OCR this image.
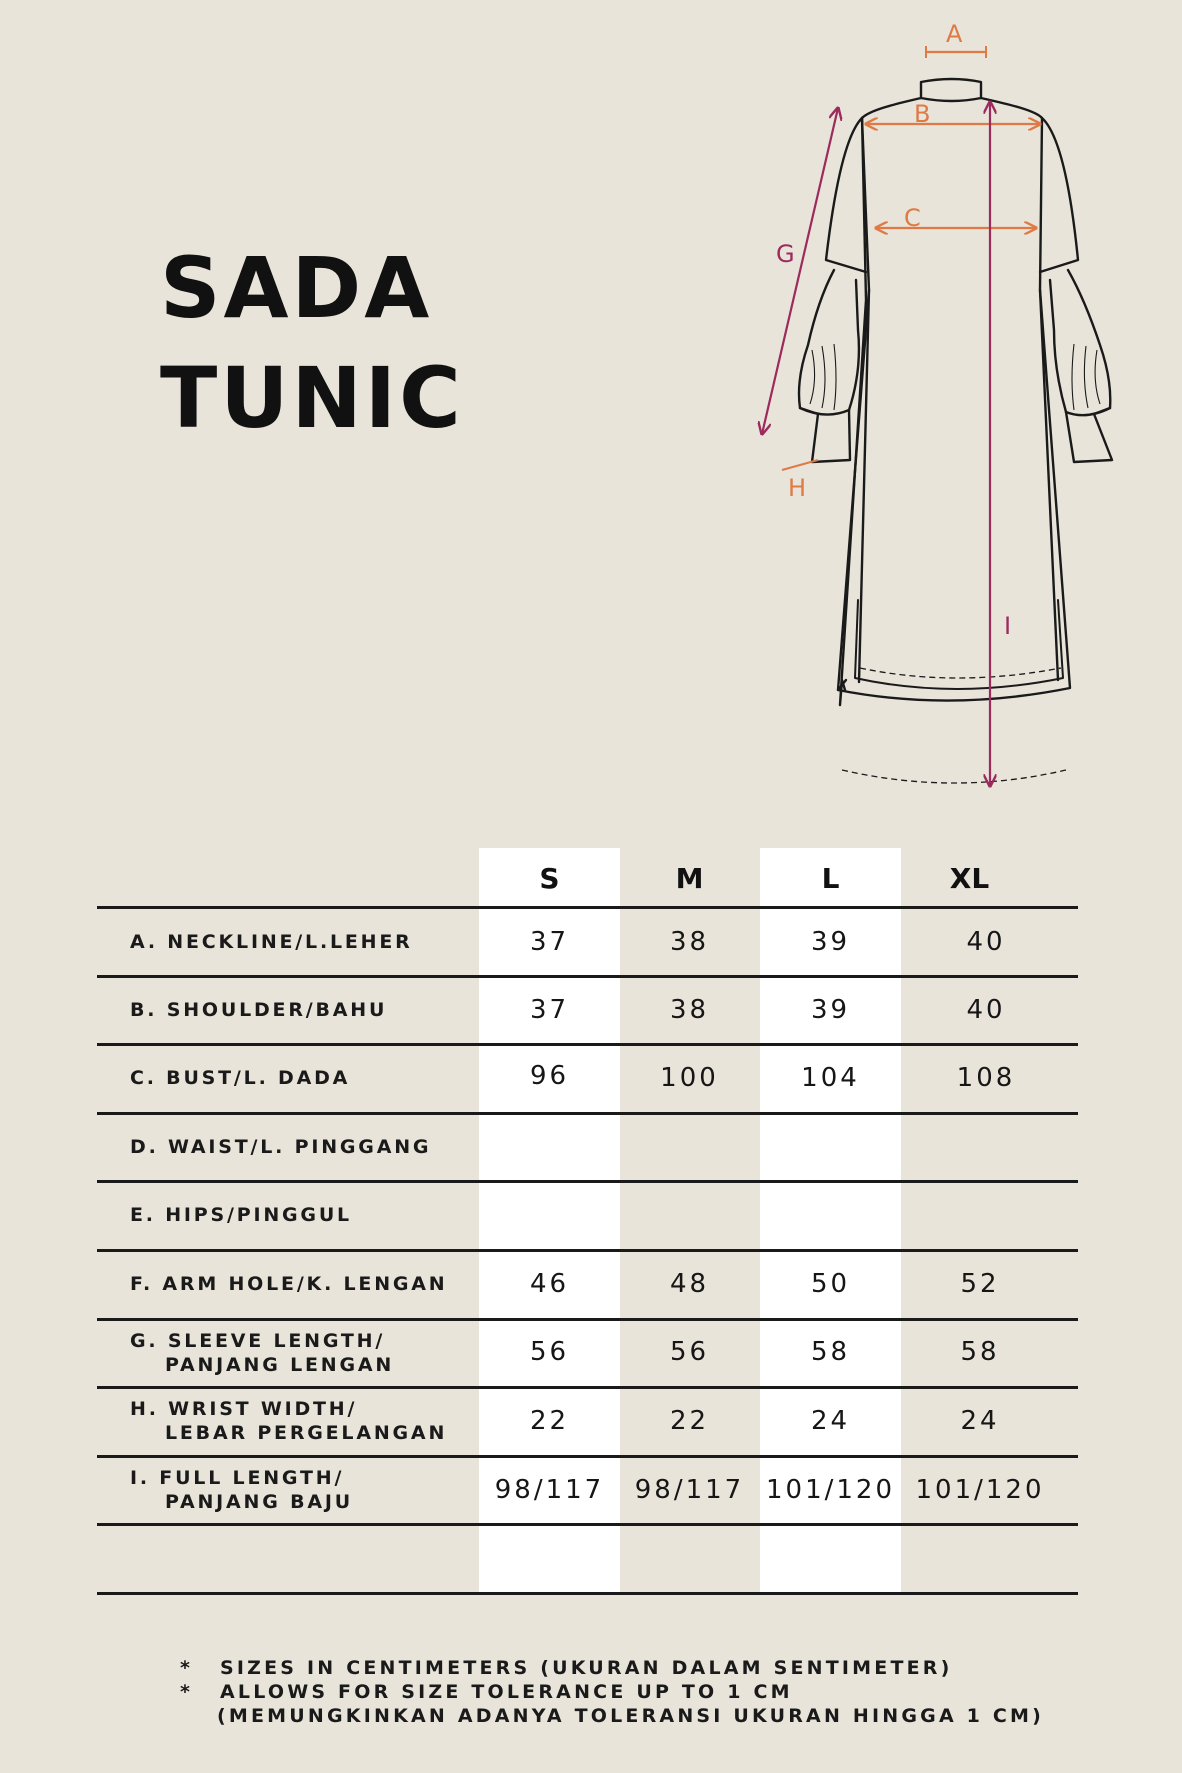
SADA
TUNIC
A
B
C
G
H
I
S	M	L	XL

A. NECKLINE/L.LEHER	37	38	39	40

B. SHOULDER/BAHU	37	38	39	40

C. BUST/L. DADA	96	100	104	108

D. WAIST/L. PINGGANG

E. HIPS/PINGGUL

F. ARM HOLE/K. LENGAN	46	48	50	52

G. SLEEVE LENGTH/
PANJANG LENGAN	56	56	58	58

H. WRIST WIDTH/
LEBAR PERGELANGAN	22	22	24	24

I. FULL LENGTH/
PANJANG BAJU	98/117	98/117 101/120 101/120

* SIZES IN CENTIMETERS (UKURAN DALAM SENTIMETER)

* ALLOWS FOR SIZE TOLERANCE UP TO 1 CM
(MEMUNGKINKAN ADANYA TOLERANSI UKURAN HINGGA 1 CM)
